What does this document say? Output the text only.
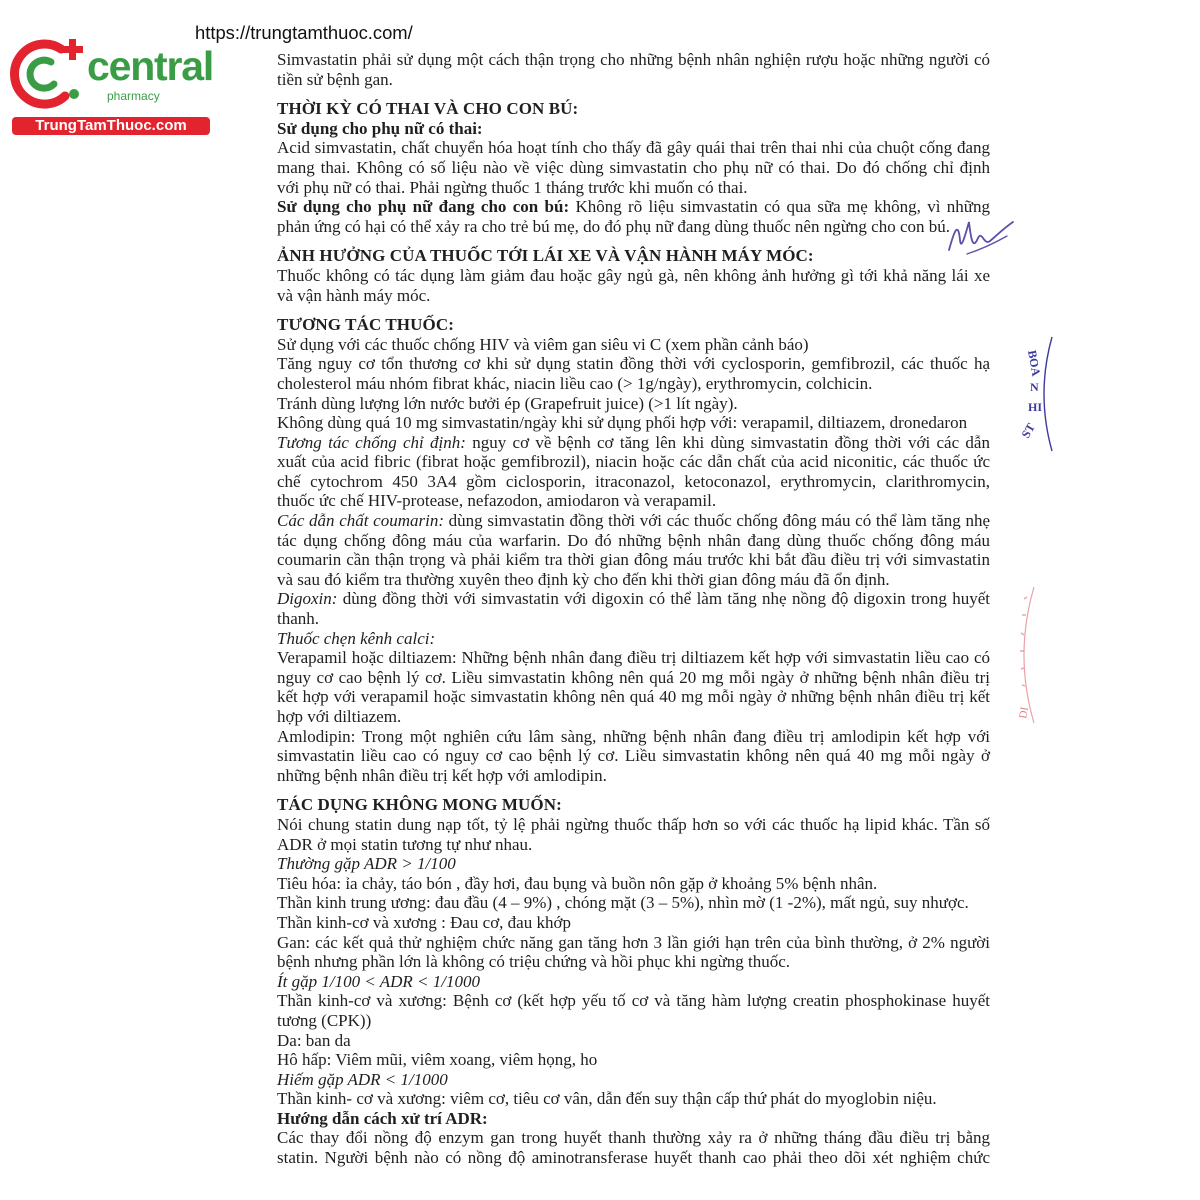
https://trungtamthuoc.com/
central
pharmacy
TrungTamThuoc.com
Simvastatin phải sử dụng một cách thận trọng cho những bệnh nhân nghiện rượu hoặc những người có
tiền sử bệnh gan.
THỜI KỲ CÓ THAI VÀ CHO CON BÚ:
Sử dụng cho phụ nữ có thai:
Acid simvastatin, chất chuyển hóa hoạt tính cho thấy đã gây quái thai trên thai nhi của chuột cống đang
mang thai. Không có số liệu nào về việc dùng simvastatin cho phụ nữ có thai. Do đó chống chỉ định
với phụ nữ có thai. Phải ngừng thuốc 1 tháng trước khi muốn có thai.
Sử dụng cho phụ nữ đang cho con bú: Không rõ liệu simvastatin có qua sữa mẹ không, vì những
phản ứng có hại có thể xảy ra cho trẻ bú mẹ, do đó phụ nữ đang dùng thuốc nên ngừng cho con bú.
ẢNH HƯỞNG CỦA THUỐC TỚI LÁI XE VÀ VẬN HÀNH MÁY MÓC:
Thuốc không có tác dụng làm giảm đau hoặc gây ngủ gà, nên không ảnh hưởng gì tới khả năng lái xe
và vận hành máy móc.
TƯƠNG TÁC THUỐC:
Sử dụng với các thuốc chống HIV và viêm gan siêu vi C (xem phần cảnh báo)
Tăng nguy cơ tổn thương cơ khi sử dụng statin đồng thời với cyclosporin, gemfibrozil, các thuốc hạ
cholesterol máu nhóm fibrat khác, niacin liều cao (> 1g/ngày), erythromycin, colchicin.
Tránh dùng lượng lớn nước bưởi ép (Grapefruit juice) (>1 lít ngày).
Không dùng quá 10 mg simvastatin/ngày khi sử dụng phối hợp với: verapamil, diltiazem, dronedaron
Tương tác chống chỉ định: nguy cơ về bệnh cơ tăng lên khi dùng simvastatin đồng thời với các dẫn
xuất của acid fibric (fibrat hoặc gemfibrozil), niacin hoặc các dẫn chất của acid niconitic, các thuốc ức
chế cytochrom 450 3A4 gồm ciclosporin, itraconazol, ketoconazol, erythromycin, clarithromycin,
thuốc ức chế HIV-protease, nefazodon, amiodaron và verapamil.
Các dẫn chất coumarin: dùng simvastatin đồng thời với các thuốc chống đông máu có thể làm tăng nhẹ
tác dụng chống đông máu của warfarin. Do đó những bệnh nhân đang dùng thuốc chống đông máu
coumarin cần thận trọng và phải kiểm tra thời gian đông máu trước khi bắt đầu điều trị với simvastatin
và sau đó kiểm tra thường xuyên theo định kỳ cho đến khi thời gian đông máu đã ổn định.
Digoxin: dùng đồng thời với simvastatin với digoxin có thể làm tăng nhẹ nồng độ digoxin trong huyết
thanh.
Thuốc chẹn kênh calci:
Verapamil hoặc diltiazem: Những bệnh nhân đang điều trị diltiazem kết hợp với simvastatin liều cao có
nguy cơ cao bệnh lý cơ. Liều simvastatin không nên quá 20 mg mỗi ngày ở những bệnh nhân điều trị
kết hợp với verapamil hoặc simvastatin không nên quá 40 mg mỗi ngày ở những bệnh nhân điều trị kết
hợp với diltiazem.
Amlodipin: Trong một nghiên cứu lâm sàng, những bệnh nhân đang điều trị amlodipin kết hợp với
simvastatin liều cao có nguy cơ cao bệnh lý cơ. Liều simvastatin không nên quá 40 mg mỗi ngày ở
những bệnh nhân điều trị kết hợp với amlodipin.
TÁC DỤNG KHÔNG MONG MUỐN:
Nói chung statin dung nạp tốt, tỷ lệ phải ngừng thuốc thấp hơn so với các thuốc hạ lipid khác. Tần số
ADR ở mọi statin tương tự như nhau.
Thường gặp ADR > 1/100
Tiêu hóa: ỉa chảy, táo bón , đầy hơi, đau bụng và buồn nôn gặp ở khoảng 5% bệnh nhân.
Thần kinh trung ương: đau đầu (4 – 9%) , chóng mặt (3 – 5%), nhìn mờ (1 -2%), mất ngủ, suy nhược.
Thần kinh-cơ và xương : Đau cơ, đau khớp
Gan: các kết quả thử nghiệm chức năng gan tăng hơn 3 lần giới hạn trên của bình thường, ở 2% người
bệnh nhưng phần lớn là không có triệu chứng và hồi phục khi ngừng thuốc.
Ít gặp 1/100 < ADR < 1/1000
Thần kinh-cơ và xương: Bệnh cơ (kết hợp yếu tố cơ và tăng hàm lượng creatin phosphokinase huyết
tương (CPK))
Da: ban da
Hô hấp: Viêm mũi, viêm xoang, viêm họng, ho
Hiếm gặp ADR < 1/1000
Thần kinh- cơ và xương: viêm cơ, tiêu cơ vân, dẫn đến suy thận cấp thứ phát do myoglobin niệu.
Hướng dẫn cách xử trí ADR:
Các thay đổi nồng độ enzym gan trong huyết thanh thường xảy ra ở những tháng đầu điều trị bằng
statin. Người bệnh nào có nồng độ aminotransferase huyết thanh cao phải theo dõi xét nghiệm chức
BOA
N
HI
ST
DI
